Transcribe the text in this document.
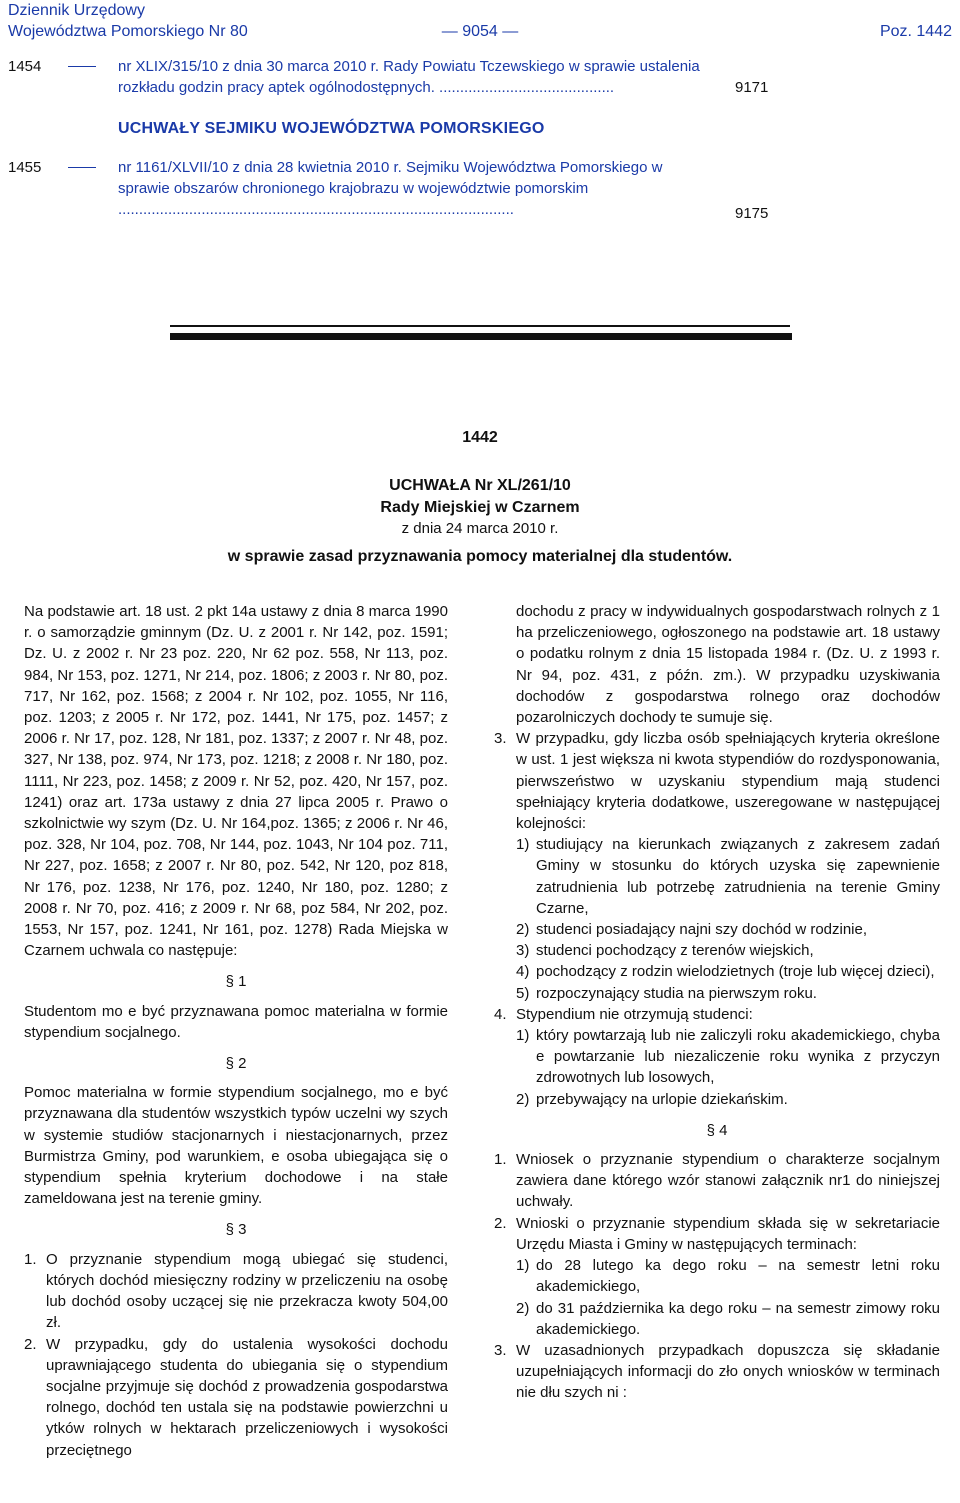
Dziennik Urzędowy
Województwa Pomorskiego Nr 80	— 9054 —	Poz. 1442
1454	nr XLIX/315/10 z dnia 30 marca 2010 r. Rady Powiatu Tczewskiego w sprawie ustalenia rozkładu godzin pracy aptek ogólnodostępnych. ..........................................	9171
UCHWAŁY SEJMIKU WOJEWÓDZTWA POMORSKIEGO
1455	nr 1161/XLVII/10 z dnia 28 kwietnia 2010 r. Sejmiku Województwa Pomorskiego w sprawie obszarów chronionego krajobrazu w województwie pomorskim ...............................................................................................	9175
1442
UCHWAŁA Nr XL/261/10
Rady Miejskiej w Czarnem
z dnia 24 marca 2010 r.
w sprawie zasad przyznawania pomocy materialnej dla studentów.

Na podstawie art. 18 ust. 2 pkt 14a ustawy z dnia 8 marca 1990 r. o samorządzie gminnym (Dz. U. z 2001 r. Nr 142, poz. 1591; Dz. U. z 2002 r. Nr 23 poz. 220, Nr 62 poz. 558, Nr 113, poz. 984, Nr 153, poz. 1271, Nr 214, poz. 1806; z 2003 r. Nr 80, poz. 717, Nr 162, poz. 1568; z 2004 r. Nr 102, poz. 1055, Nr 116, poz. 1203; z 2005 r. Nr 172, poz. 1441, Nr 175, poz. 1457; z 2006 r. Nr 17, poz. 128, Nr 181, poz. 1337; z 2007 r. Nr 48, poz. 327, Nr 138, poz. 974, Nr 173, poz. 1218; z 2008 r. Nr 180, poz. 1111, Nr 223, poz. 1458; z 2009 r. Nr 52, poz. 420, Nr 157, poz. 1241) oraz art. 173a ustawy z dnia 27 lipca 2005 r. Prawo o szkolnictwie wy szym (Dz. U. Nr 164,poz. 1365; z 2006 r. Nr 46, poz. 328, Nr 104, poz. 708, Nr 144, poz. 1043, Nr 104 poz. 711, Nr 227, poz. 1658; z 2007 r. Nr 80, poz. 542, Nr 120, poz 818, Nr 176, poz. 1238, Nr 176, poz. 1240, Nr 180, poz. 1280; z 2008 r. Nr 70, poz. 416; z 2009 r. Nr 68, poz 584, Nr 202, poz. 1553, Nr 157, poz. 1241, Nr 161, poz. 1278) Rada Miejska w Czarnem uchwala co następuje:

§ 1

Studentom mo e być przyznawana pomoc materialna w formie stypendium socjalnego.

§ 2

Pomoc materialna w formie stypendium socjalnego, mo e być przyznawana dla studentów wszystkich typów uczelni wy szych w systemie studiów stacjonarnych i niestacjonarnych, przez Burmistrza Gminy, pod warunkiem, e osoba ubiegająca się o stypendium spełnia kryterium dochodowe i na stałe zameldowana jest na terenie gminy.

§ 3
1. O przyznanie stypendium mogą ubiegać się studenci, których dochód miesięczny rodziny w przeliczeniu na osobę lub dochód osoby uczącej się nie przekracza kwoty 504,00 zł.
2. W przypadku, gdy do ustalenia wysokości dochodu uprawniającego studenta do ubiegania się o stypendium socjalne przyjmuje się dochód z prowadzenia gospodarstwa rolnego, dochód ten ustala się na podstawie powierzchni u ytków rolnych w hektarach przeliczeniowych i wysokości przeciętnego

dochodu z pracy w indywidualnych gospodarstwach rolnych z 1 ha przeliczeniowego, ogłoszonego na podstawie art. 18 ustawy o podatku rolnym z dnia 15 listopada 1984 r. (Dz. U. z 1993 r. Nr 94, poz. 431, z późn. zm.). W przypadku uzyskiwania dochodów z gospodarstwa rolnego oraz dochodów pozarolniczych dochody te sumuje się.

3. W przypadku, gdy liczba osób spełniających kryteria określone w ust. 1 jest większa ni kwota stypendiów do rozdysponowania, pierwszeństwo w uzyskaniu stypendium mają studenci spełniający kryteria dodatkowe, uszeregowane w następującej kolejności:
1) studiujący na kierunkach związanych z zakresem zadań Gminy w stosunku do których uzyska się zapewnienie zatrudnienia lub potrzebę zatrudnienia na terenie Gminy Czarne,
2) studenci posiadający najni szy dochód w rodzinie,
3) studenci pochodzący z terenów wiejskich,
4) pochodzący z rodzin wielodzietnych (troje lub więcej dzieci),
5) rozpoczynający studia na pierwszym roku.
4. Stypendium nie otrzymują studenci:
1) który powtarzają lub nie zaliczyli roku akademickiego, chyba e powtarzanie lub niezaliczenie roku wynika z przyczyn zdrowotnych lub losowych,
2) przebywający na urlopie dziekańskim.
§ 4
1. Wniosek o przyznanie stypendium o charakterze socjalnym zawiera dane którego wzór stanowi załącznik nr1 do niniejszej uchwały.
2. Wnioski o przyznanie stypendium składa się w sekretariacie Urzędu Miasta i Gminy w następujących terminach:
1) do 28 lutego ka dego roku – na semestr letni roku akademickiego,
2) do 31 października ka dego roku – na semestr zimowy roku akademickiego.
3. W uzasadnionych przypadkach dopuszcza się składanie uzupełniających informacji do zło onych wniosków w terminach nie dłu szych ni :
